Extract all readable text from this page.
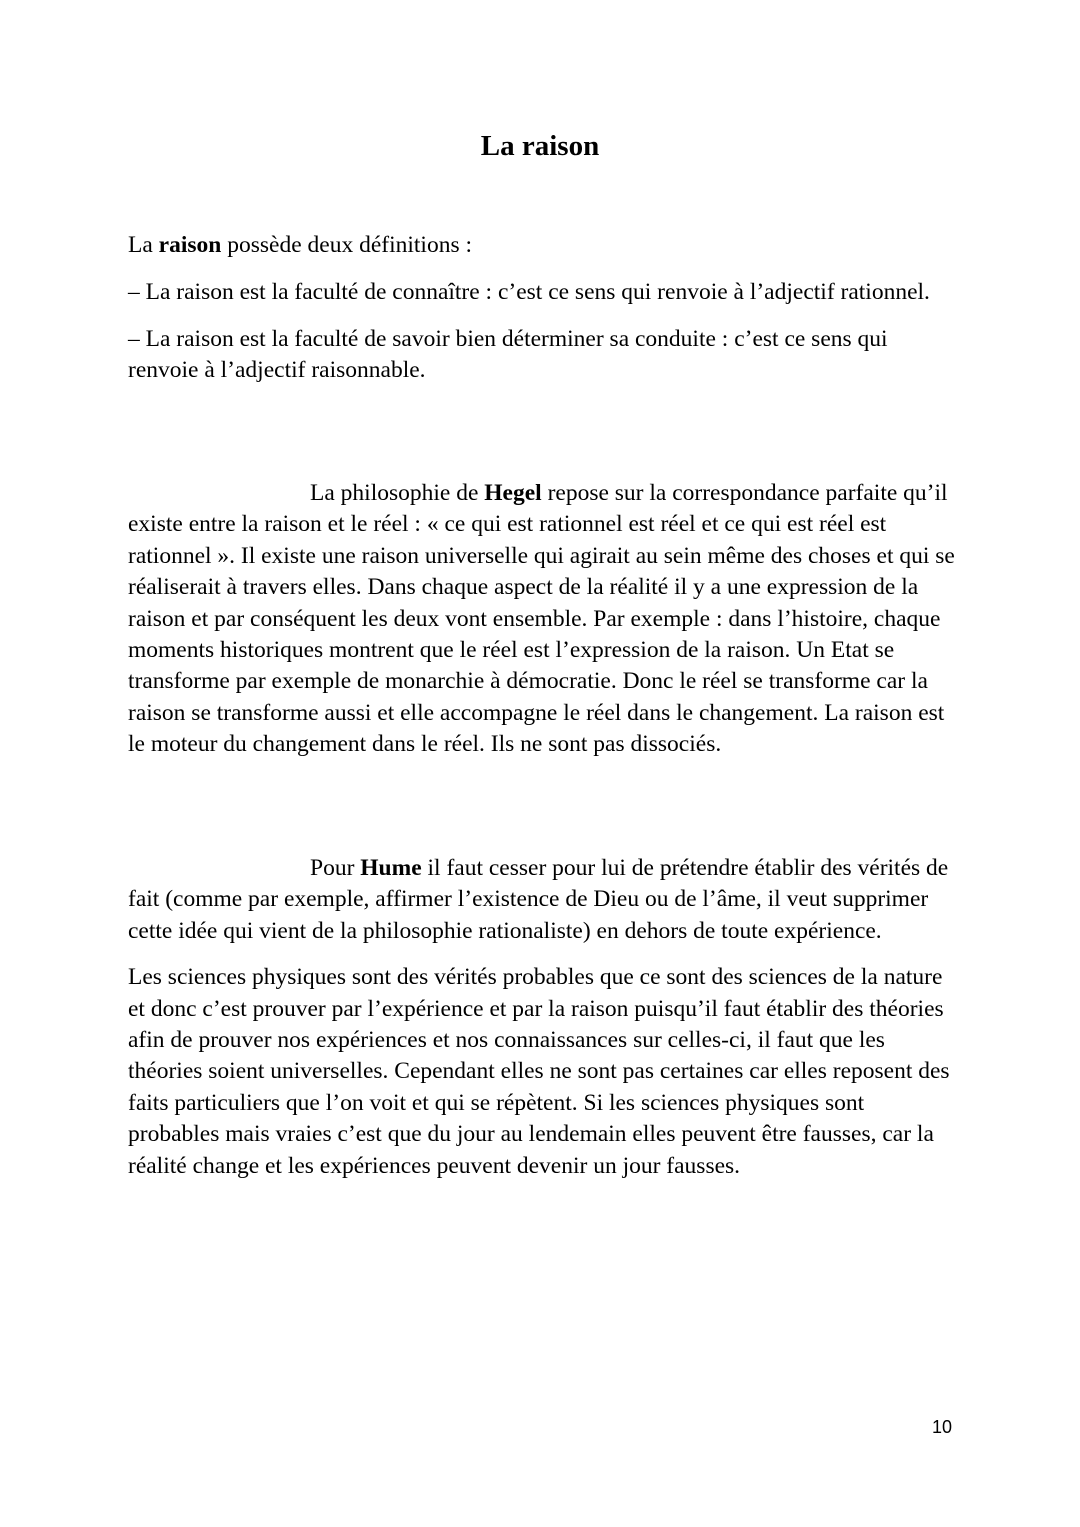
La raison

La raison possède deux définitions :

– La raison est la faculté de connaître : c’est ce sens qui renvoie à l’adjectif rationnel.

– La raison est la faculté de savoir bien déterminer sa conduite : c’est ce sens qui renvoie à l’adjectif raisonnable.

La philosophie de Hegel repose sur la correspondance parfaite qu’il existe entre la raison et le réel : « ce qui est rationnel est réel et ce qui est réel est rationnel ». Il existe une raison universelle qui agirait au sein même des choses et qui se réaliserait à travers elles. Dans chaque aspect de la réalité il y a une expression de la raison et par conséquent les deux vont ensemble. Par exemple : dans l’histoire, chaque moments historiques montrent que le réel est l’expression de la raison. Un Etat se transforme par exemple de monarchie à démocratie. Donc le réel se transforme car la raison se transforme aussi et elle accompagne le réel dans le changement. La raison est le moteur du changement dans le réel. Ils ne sont pas dissociés.

Pour Hume il faut cesser pour lui de prétendre établir des vérités de fait (comme par exemple, affirmer l’existence de Dieu ou de l’âme, il veut supprimer cette idée qui vient de la philosophie rationaliste) en dehors de toute expérience.

Les sciences physiques sont des vérités probables que ce sont des sciences de la nature et donc c’est prouver par l’expérience et par la raison puisqu’il faut établir des théories afin de prouver nos expériences et nos connaissances sur celles-ci, il faut que les théories soient universelles. Cependant elles ne sont pas certaines car elles reposent des faits particuliers que l’on voit et qui se répètent. Si les sciences physiques sont probables mais vraies c’est que du jour au lendemain elles peuvent être fausses, car la réalité change et les expériences peuvent devenir un jour fausses.

10
